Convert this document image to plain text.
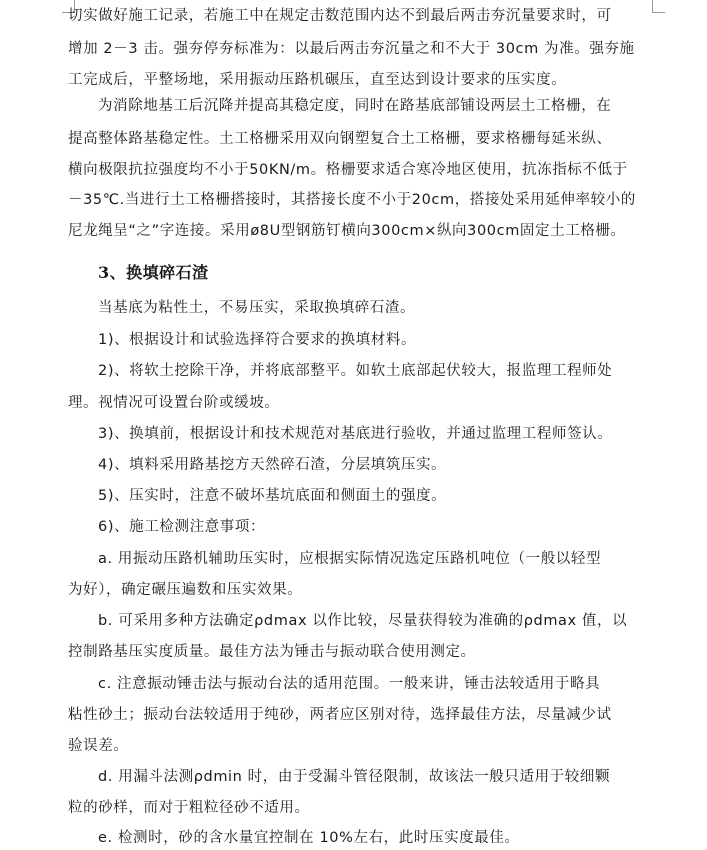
切实做好施工记录，若施工中在规定击数范围内达不到最后两击夯沉量要求时，可
增加 2－3 击。强夯停夯标准为：以最后两击夯沉量之和不大于 30cm 为准。强夯施
工完成后，平整场地，采用振动压路机碾压，直至达到设计要求的压实度。
为消除地基工后沉降并提高其稳定度，同时在路基底部铺设两层土工格栅，在
提高整体路基稳定性。土工格栅采用双向钢塑复合土工格栅，要求格栅每延米纵、
横向极限抗拉强度均不小于50KN/m。格栅要求适合寒冷地区使用，抗冻指标不低于
－35℃.当进行土工格栅搭接时，其搭接长度不小于20cm，搭接处采用延伸率较小的
尼龙绳呈“之”字连接。采用ø8U型钢筋钉横向300cm×纵向300cm固定土工格栅。
3、换填碎石渣
当基底为粘性土，不易压实，采取换填碎石渣。
1)、根据设计和试验选择符合要求的换填材料。
2)、将软土挖除干净，并将底部整平。如软土底部起伏较大，报监理工程师处
理。视情况可设置台阶或缓坡。
3)、换填前，根据设计和技术规范对基底进行验收，并通过监理工程师签认。
4)、填料采用路基挖方天然碎石渣，分层填筑压实。
5)、压实时，注意不破坏基坑底面和侧面土的强度。
6)、施工检测注意事项：
a. 用振动压路机辅助压实时，应根据实际情况选定压路机吨位（一般以轻型
为好），确定碾压遍数和压实效果。
b. 可采用多种方法确定ρdmax 以作比较，尽量获得较为准确的ρdmax 值，以
控制路基压实度质量。最佳方法为锤击与振动联合使用测定。
c. 注意振动锤击法与振动台法的适用范围。一般来讲，锤击法较适用于略具
粘性砂土；振动台法较适用于纯砂，两者应区别对待，选择最佳方法，尽量减少试
验误差。
d. 用漏斗法测ρdmin 时，由于受漏斗管径限制，故该法一般只适用于较细颗
粒的砂样，而对于粗粒径砂不适用。
e. 检测时，砂的含水量宜控制在 10%左右，此时压实度最佳。
